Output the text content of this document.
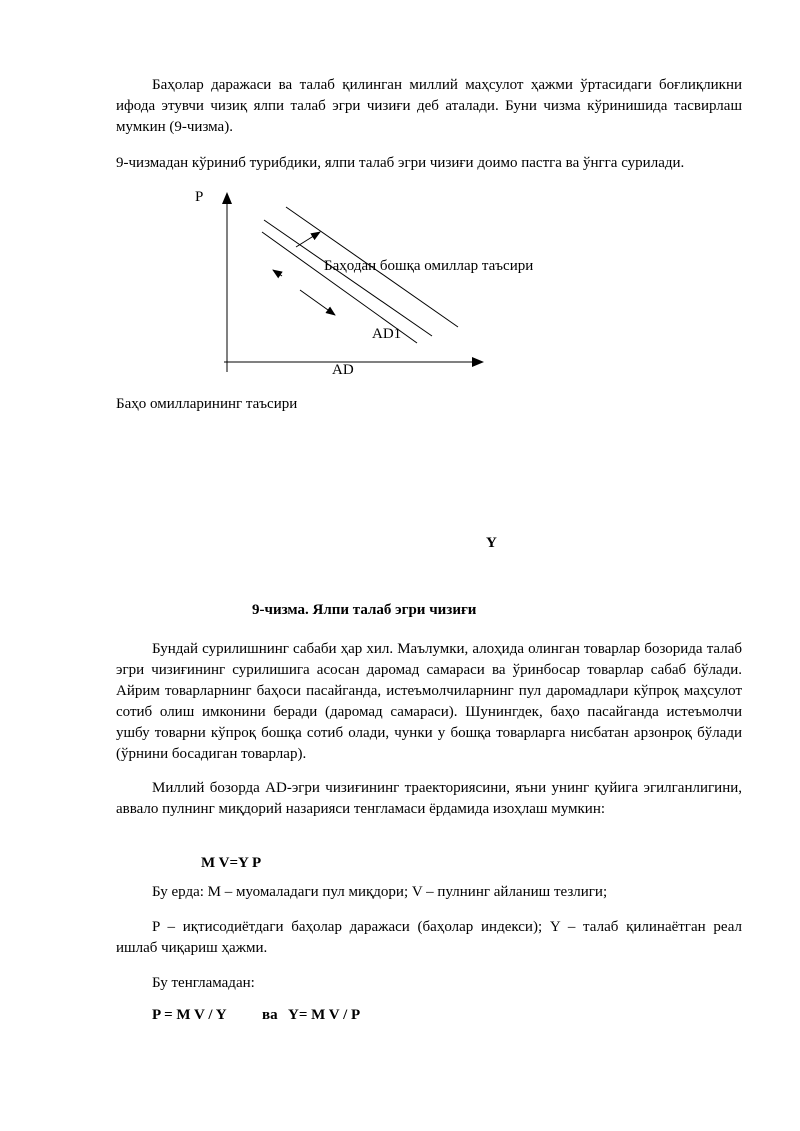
Баҳолар даражаси ва талаб қилинган миллий маҳсулот ҳажми ўртасидаги боғлиқликни ифода этувчи чизиқ ялпи талаб эгри чизиғи деб аталади. Буни чизма кўринишида тасвирлаш мумкин (9-чизма).

9-чизмадан кўриниб турибдики, ялпи талаб эгри чизиғи доимо пастга ва ўнгга сурилади.

P
Баҳодан бошқа омиллар таъсири
AD1
AD
Баҳо омилларининг таъсири
Y
9-чизма. Ялпи талаб эгри чизиғи

Бундай сурилишнинг сабаби ҳар хил. Маълумки, алоҳида олинган товарлар бозорида талаб эгри чизиғининг сурилишига асосан даромад самараси ва ўринбосар товарлар сабаб бўлади. Айрим товарларнинг баҳоси пасайганда, истеъмолчиларнинг пул даромадлари кўпроқ маҳсулот сотиб олиш имконини беради (даромад самараси). Шунингдек, баҳо пасайганда истеъмолчи ушбу товарни кўпроқ бошқа сотиб олади, чунки у бошқа товарларга нисбатан арзонроқ бўлади (ўрнини босадиган товарлар).

Миллий бозорда AD-эгри чизиғининг траекториясини, яъни унинг қуйига эгилганлигини, аввало пулнинг миқдорий назарияси тенгламаси ёрдамида изоҳлаш мумкин:

M V=Y P

Бу ерда: M – муомаладаги пул миқдори; V – пулнинг айланиш тезлиги;

P – иқтисодиётдаги баҳолар даражаси (баҳолар индекси); Y – талаб қилинаётган реал ишлаб чиқариш ҳажми.

Бу тенгламадан:

P = M V / Y ва Y= M V / P
